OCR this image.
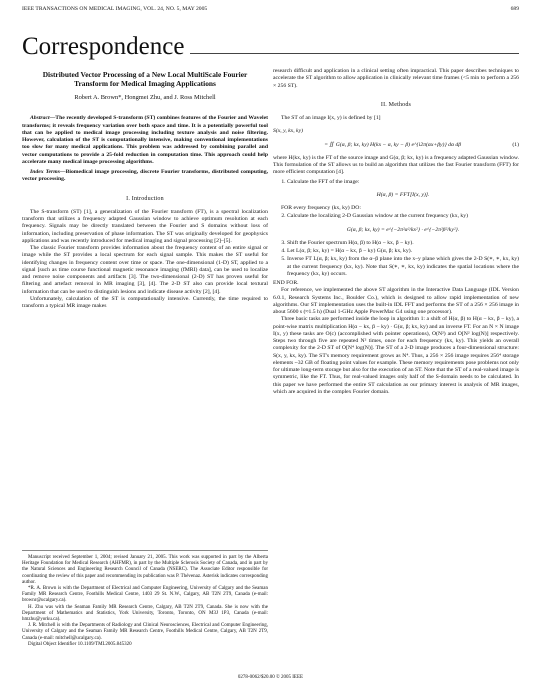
IEEE TRANSACTIONS ON MEDICAL IMAGING, VOL. 24, NO. 5, MAY 2005	689
Correspondence
Distributed Vector Processing of a New Local MultiScale Fourier Transform for Medical Imaging Applications
Robert A. Brown*, Hongmei Zhu, and J. Ross Mitchell

Abstract—The recently developed S-transform (ST) combines features of the Fourier and Wavelet transforms; it reveals frequency variation over both space and time. It is a potentially powerful tool that can be applied to medical image processing including texture analysis and noise filtering. However, calculation of the ST is computationally intensive, making conventional implementations too slow for many medical applications. This problem was addressed by combining parallel and vector computations to provide a 25-fold reduction in computation time. This approach could help accelerate many medical image processing algorithms.

Index Terms—Biomedical image processing, discrete Fourier transforms, distributed computing, vector processing.

I. Introduction

The S-transform (ST) [1], a generalization of the Fourier transform (FT), is a spectral localization transform that utilizes a frequency adapted Gaussian window to achieve optimum resolution at each frequency. Signals may be directly translated between the Fourier and S domains without loss of information, including preservation of phase information. The ST was originally developed for geophysics applications and was recently introduced for medical imaging and signal processing [2]–[5].

The classic Fourier transform provides information about the frequency content of an entire signal or image while the ST provides a local spectrum for each signal sample. This makes the ST useful for identifying changes in frequency content over time or space. The one-dimensional (1-D) ST, applied to a signal [such as time course functional magnetic resonance imaging (fMRI) data], can be used to localize and remove noise components and artifacts [3]. The two-dimensional (2-D) ST has proven useful for filtering and artefact removal in MR imaging [3], [4]. The 2-D ST also can provide local textural information that can be used to distinguish lesions and indicate disease activity [2], [4].

Unfortunately, calculation of the ST is computationally intensive. Currently, the time required to transform a typical MR image makes

Manuscript received September 1, 2004; revised January 21, 2005. This work was supported in part by the Alberta Heritage Foundation for Medical Research (AHFMR), in part by the Multiple Sclerosis Society of Canada, and in part by the Natural Sciences and Engineering Research Council of Canada (NSERC). The Associate Editor responsible for coordinating the review of this paper and recommending its publication was P. Thévenaz. Asterisk indicates corresponding author.

*R. A. Brown is with the Department of Electrical and Computer Engineering, University of Calgary and the Seaman Family MR Research Centre, Foothills Medical Centre, 1403 29 St. N.W., Calgary, AB T2N 2T9, Canada (e-mail: brownr@ucalgary.ca).

H. Zhu was with the Seaman Family MR Research Centre, Calgary, AB T2N 2T9, Canada. She is now with the Department of Mathematics and Statistics, York University, Toronto, Toronto, ON M3J 1P3, Canada (e-mail: hmzhu@yorku.ca).

J. R. Mitchell is with the Departments of Radiology and Clinical Neurosciences, Electrical and Computer Engineering, University of Calgary and the Seaman Family MR Research Centre, Foothills Medical Centre, Calgary, AB T2N 2T9, Canada (e-mail: mitchell@ucalgary.ca).

Digital Object Identifier 10.1109/TMI.2005.845320

research difficult and application in a clinical setting often impractical. This paper describes techniques to accelerate the ST algorithm to allow application in clinically relevant time frames (<5 min to perform a 256 × 256 ST).

II. Methods

The ST of an image I(x, y) is defined by [1]

S(x, y, kx, ky)
= ∬ G(α, β; kx, ky) H(kx − α, ky − β) e^{i2π(αx+βy)} dα dβ	(1)

where H(kx, ky) is the FT of the source image and G(α, β; kx, ky) is a frequency adapted Gaussian window. This formulation of the ST allows us to build an algorithm that utilizes the fast Fourier transform (FFT) for more efficient computation [4].

1. Calculate the FFT of the image:
H(α, β) = FFT[I(x, y)].
FOR every frequency (kx, ky) DO:
2. Calculate the localizing 2-D Gaussian window at the current frequency (kx, ky)
G(α, β; kx, ky) = e^{−2π²α²/kx²} · e^{−2π²β²/ky²}.
3. Shift the Fourier spectrum H(α, β) to H(α − kx, β − ky).
4. Let L(α, β; kx, ky) = H(α − kx, β − ky) G(α, β; kx, ky).
5. Inverse FT L(α, β; kx, ky) from the α–β plane into the x–y plane which gives the 2-D S(∗, ∗, kx, ky) at the current frequency (kx, ky). Note that S(∗, ∗, kx, ky) indicates the spatial locations where the frequency (kx, ky) occurs.
END FOR.

For reference, we implemented the above ST algorithm in the Interactive Data Language (IDL Version 6.0.1, Research Systems Inc., Boulder Co.), which is designed to allow rapid implementation of new algorithms. Our ST implementation uses the built-in IDL FFT and performs the ST of a 256 × 256 image in about 5600 s (≈1.5 h) (Dual 1-GHz Apple PowerMac G4 using one processor).

Three basic tasks are performed inside the loop in algorithm 1: a shift of H(α, β) to H(α − kx, β − ky), a point-wise matrix multiplication H(α − kx, β − ky) · G(α, β; kx, ky) and an inverse FT. For an N × N image I(x, y) these tasks are O(c) (accomplished with pointer operations), O(N²) and O[N² log(N)] respectively. Steps two through five are repeated N² times, once for each frequency (kx, ky). This yields an overall complexity for the 2-D ST of O[N⁴ log(N)]. The ST of a 2-D image produces a four-dimensional structure: S(x, y, kx, ky). The ST's memory requirement grows as N⁴. Thus, a 256 × 256 image requires 256⁴ storage elements ~32 GB of floating point values for example. These memory requirements pose problems not only for ultimate long-term storage but also for the execution of an ST. Note that the ST of a real-valued image is symmetric, like the FT. Thus, for real-valued images only half of the S-domain needs to be calculated. In this paper we have performed the entire ST calculation as our primary interest is analysis of MR images, which are acquired in the complex Fourier domain.

0278-0062/$20.00 © 2005 IEEE
